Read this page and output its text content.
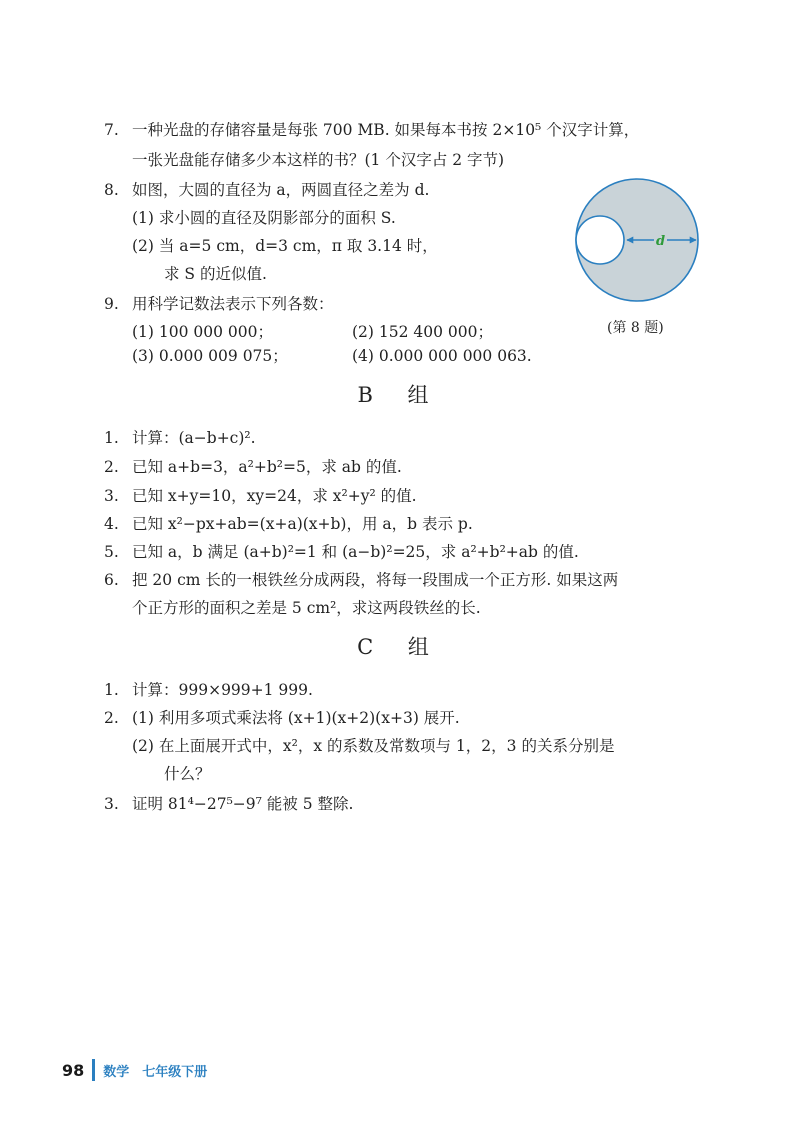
7. 一种光盘的存储容量是每张 700 MB. 如果每本书按 2×10⁵ 个汉字计算，
一张光盘能存储多少本这样的书？(1 个汉字占 2 字节)
8. 如图，大圆的直径为 a，两圆直径之差为 d.
(1) 求小圆的直径及阴影部分的面积 S.
(2) 当 a=5 cm，d=3 cm，π 取 3.14 时，
求 S 的近似值.
d
(第 8 题)
9. 用科学记数法表示下列各数：
(1) 100 000 000；	(2) 152 400 000；
(3) 0.000 009 075；	(4) 0.000 000 000 063.
B 组
1. 计算：(a−b+c)².
2. 已知 a+b=3，a²+b²=5，求 ab 的值.
3. 已知 x+y=10，xy=24，求 x²+y² 的值.
4. 已知 x²−px+ab=(x+a)(x+b)，用 a，b 表示 p.
5. 已知 a，b 满足 (a+b)²=1 和 (a−b)²=25，求 a²+b²+ab 的值.
6. 把 20 cm 长的一根铁丝分成两段，将每一段围成一个正方形. 如果这两
个正方形的面积之差是 5 cm²，求这两段铁丝的长.
C 组
1. 计算：999×999+1 999.
2. (1) 利用多项式乘法将 (x+1)(x+2)(x+3) 展开.
(2) 在上面展开式中，x²，x 的系数及常数项与 1，2，3 的关系分别是
什么？
3. 证明 81⁴−27⁵−9⁷ 能被 5 整除.
98 数学　七年级下册
